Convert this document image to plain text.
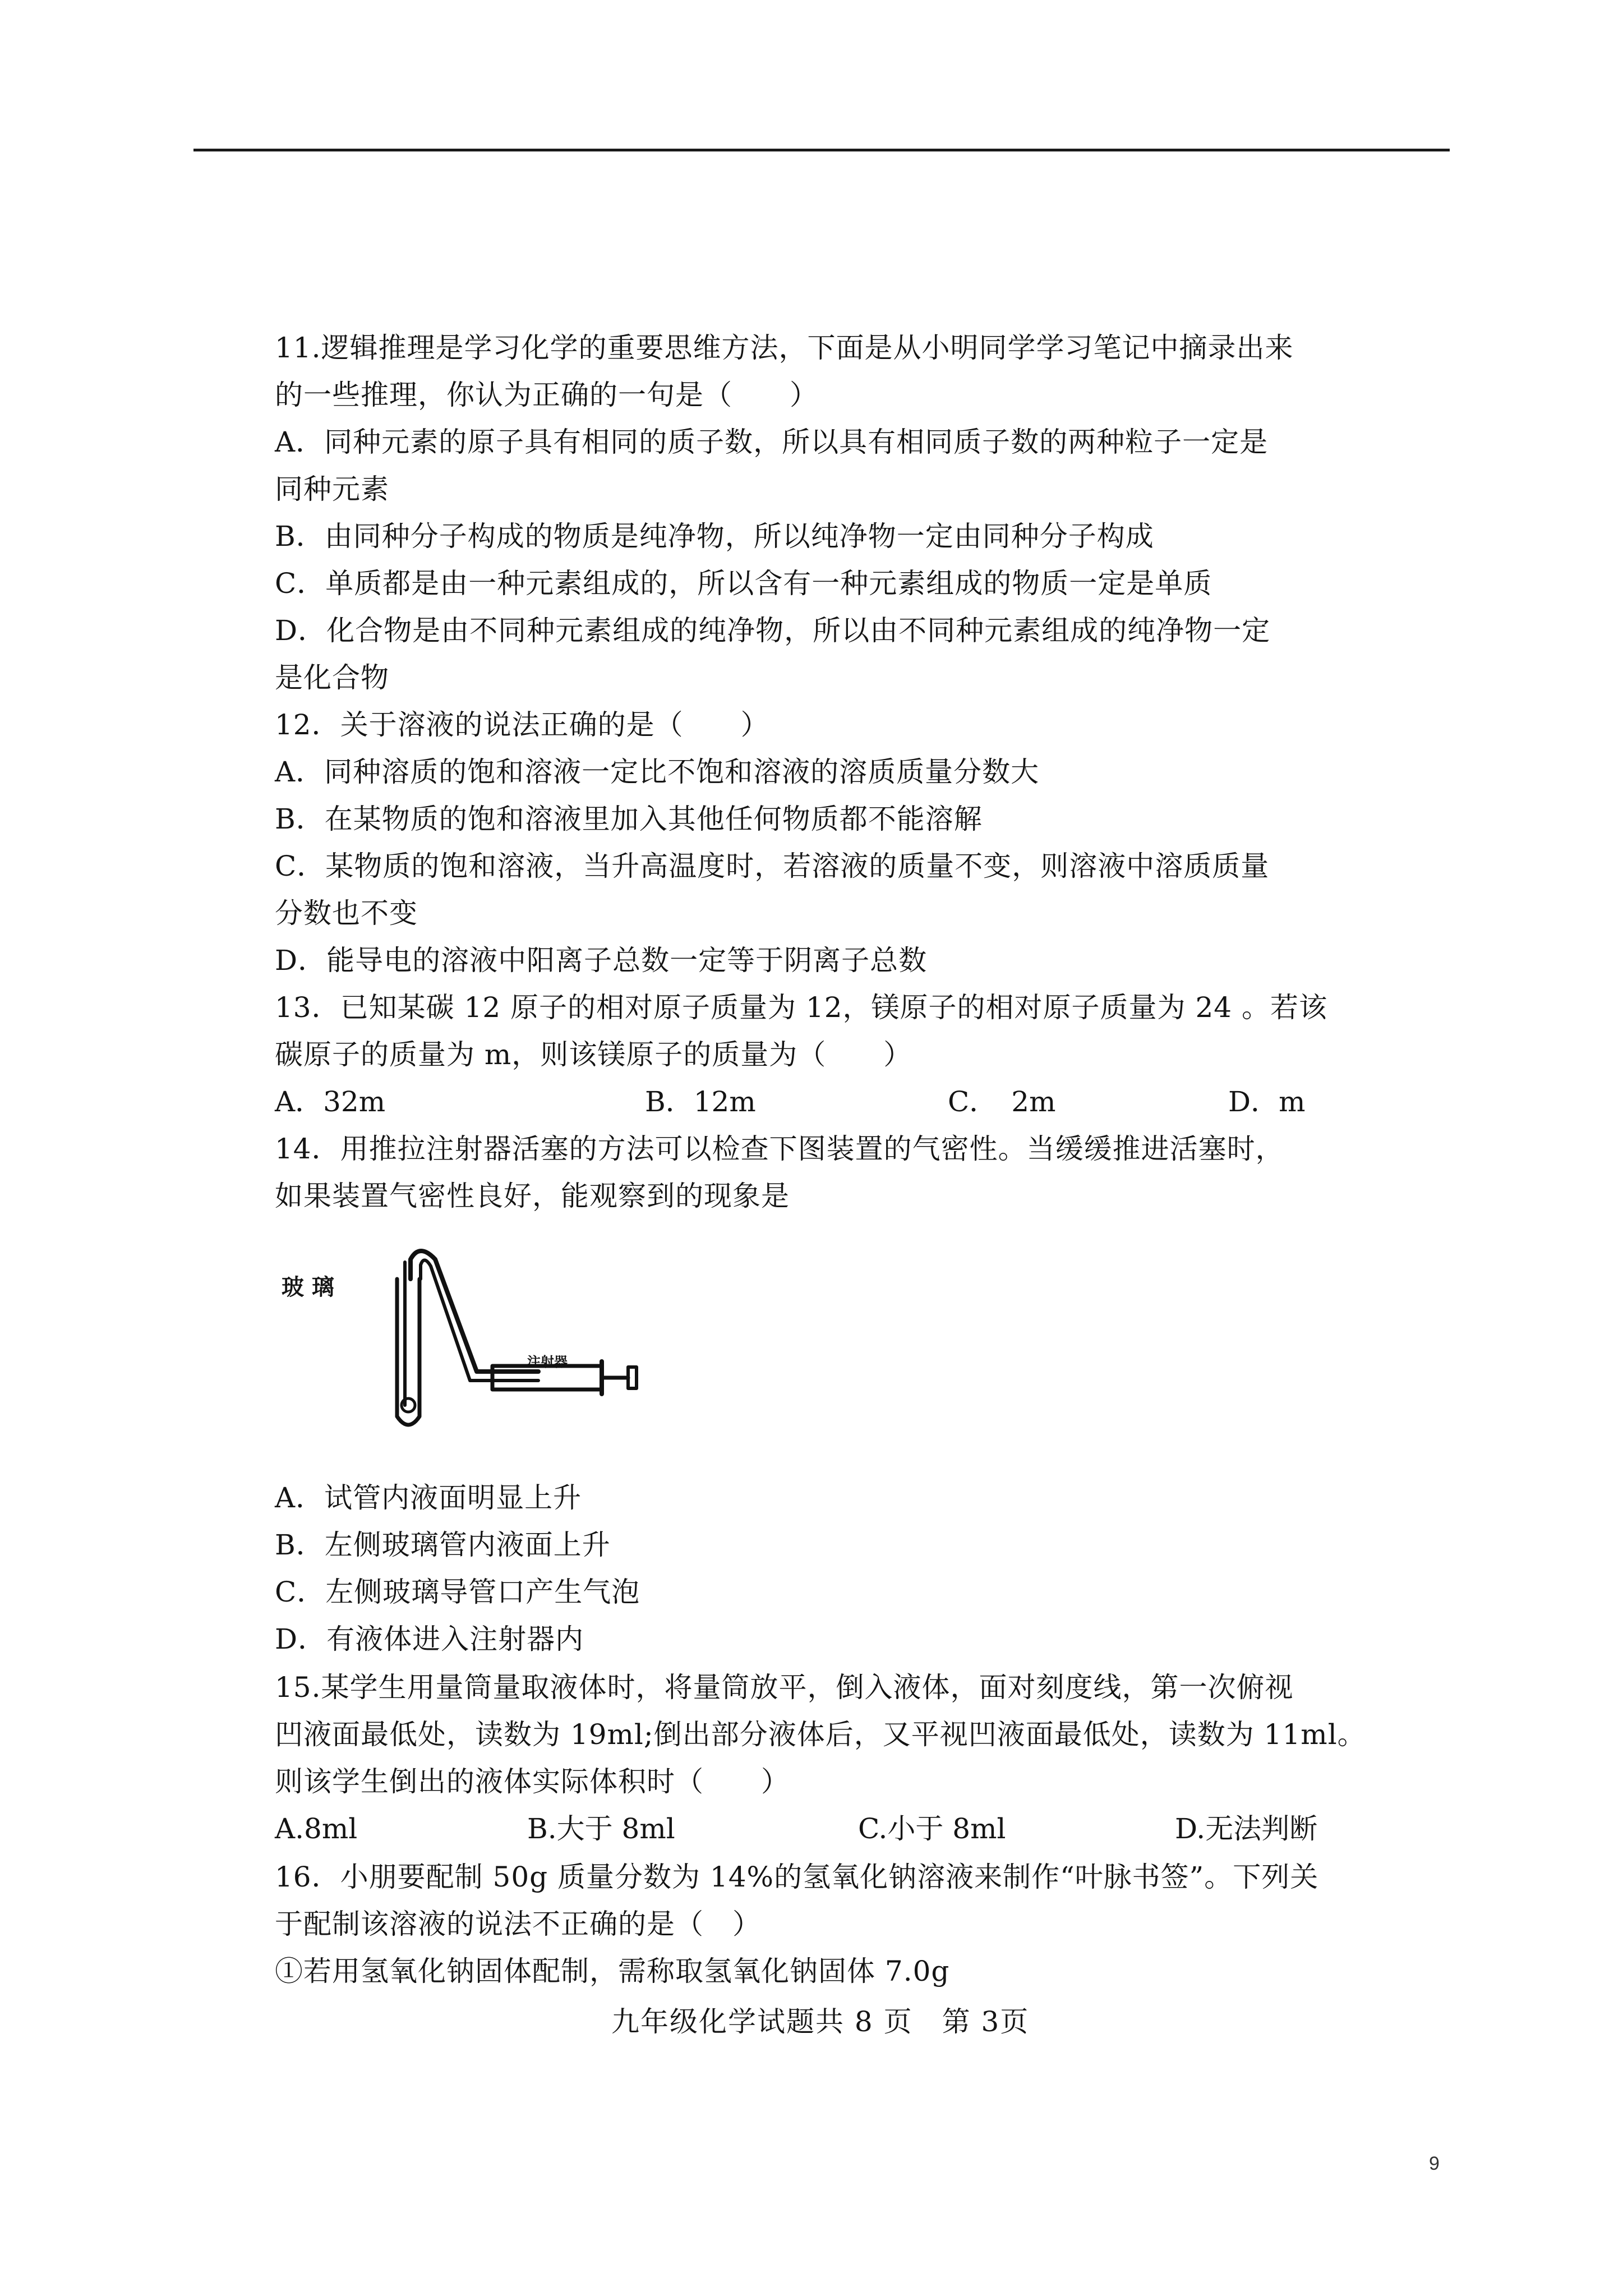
11.逻辑推理是学习化学的重要思维方法，下面是从小明同学学习笔记中摘录出来
的一些推理，你认为正确的一句是（　　）
A．同种元素的原子具有相同的质子数，所以具有相同质子数的两种粒子一定是
同种元素
B．由同种分子构成的物质是纯净物，所以纯净物一定由同种分子构成
C．单质都是由一种元素组成的，所以含有一种元素组成的物质一定是单质
D．化合物是由不同种元素组成的纯净物，所以由不同种元素组成的纯净物一定
是化合物
12．关于溶液的说法正确的是（　　）
A．同种溶质的饱和溶液一定比不饱和溶液的溶质质量分数大
B．在某物质的饱和溶液里加入其他任何物质都不能溶解
C．某物质的饱和溶液，当升高温度时，若溶液的质量不变，则溶液中溶质质量
分数也不变
D．能导电的溶液中阳离子总数一定等于阴离子总数
13．已知某碳 12 原子的相对原子质量为 12，镁原子的相对原子质量为 24 。若该
碳原子的质量为 m，则该镁原子的质量为（　　）
A．32m	B．12m	C．　2m	D．m
14．用推拉注射器活塞的方法可以检查下图装置的气密性。当缓缓推进活塞时，
如果装置气密性良好，能观察到的现象是
玻 璃
注射器
A．试管内液面明显上升
B．左侧玻璃管内液面上升
C．左侧玻璃导管口产生气泡
D．有液体进入注射器内
15.某学生用量筒量取液体时，将量筒放平，倒入液体，面对刻度线，第一次俯视
凹液面最低处，读数为 19ml;倒出部分液体后，又平视凹液面最低处，读数为 11ml。
则该学生倒出的液体实际体积时（　　）
A.8ml	B.大于 8ml	C.小于 8ml	D.无法判断
16．小朋要配制 50g 质量分数为 14%的氢氧化钠溶液来制作“叶脉书签”。下列关
于配制该溶液的说法不正确的是（　）
①若用氢氧化钠固体配制，需称取氢氧化钠固体 7.0g
九年级化学试题共 8 页　第 3页
9
